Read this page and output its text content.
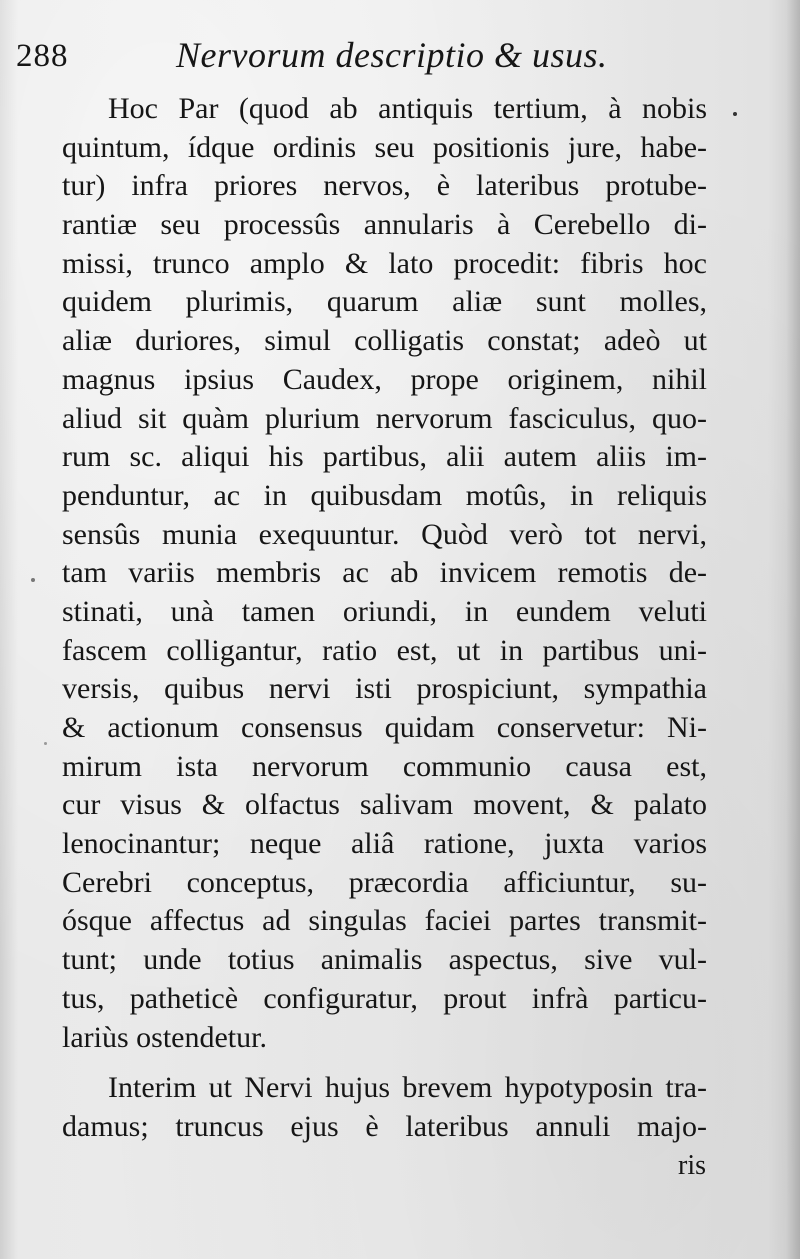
288	Nervorum descriptio & usus.
Hoc Par (quod ab antiquis tertium, à nobis
quintum, ídque ordinis seu positionis jure, habe-
tur) infra priores nervos, è lateribus protube-
rantiæ seu processûs annularis à Cerebello di-
missi, trunco amplo & lato procedit: fibris hoc
quidem plurimis, quarum aliæ sunt molles,
aliæ duriores, simul colligatis constat; adeò ut
magnus ipsius Caudex, prope originem, nihil
aliud sit quàm plurium nervorum fasciculus, quo-
rum sc. aliqui his partibus, alii autem aliis im-
penduntur, ac in quibusdam motûs, in reliquis
sensûs munia exequuntur. Quòd verò tot nervi,
tam variis membris ac ab invicem remotis de-
stinati, unà tamen oriundi, in eundem veluti
fascem colligantur, ratio est, ut in partibus uni-
versis, quibus nervi isti prospiciunt, sympathia
& actionum consensus quidam conservetur: Ni-
mirum ista nervorum communio causa est,
cur visus & olfactus salivam movent, & palato
lenocinantur; neque aliâ ratione, juxta varios
Cerebri conceptus, præcordia afficiuntur, su-
ósque affectus ad singulas faciei partes transmit-
tunt; unde totius animalis aspectus, sive vul-
tus, patheticè configuratur, prout infrà particu-
lariùs ostendetur.
Interim ut Nervi hujus brevem hypotyposin tra-
damus; truncus ejus è lateribus annuli majo-
ris
